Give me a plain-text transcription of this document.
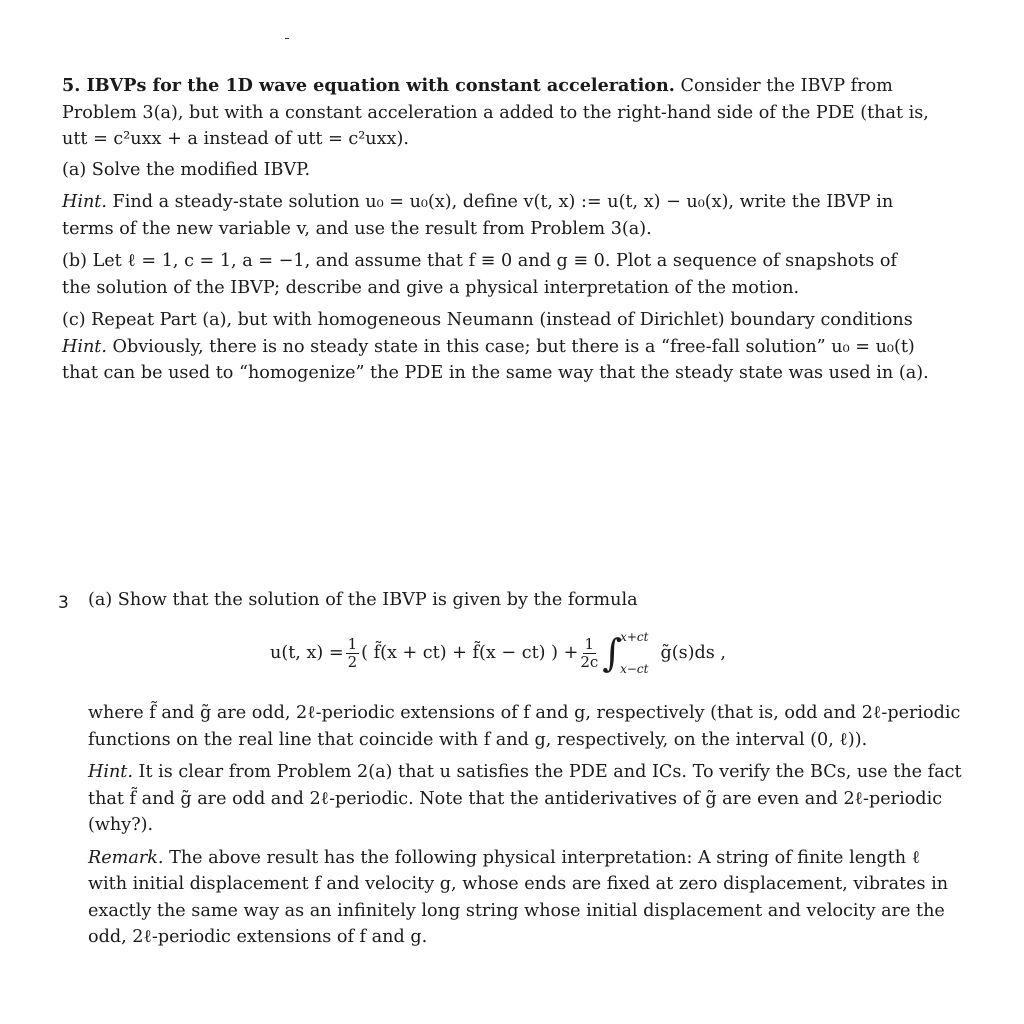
5. IBVPs for the 1D wave equation with constant acceleration. Consider the IBVP from

Problem 3(a), but with a constant acceleration a added to the right-hand side of the PDE (that is,

utt = c²uxx + a instead of utt = c²uxx).

(a) Solve the modified IBVP.

Hint. Find a steady-state solution u₀ = u₀(x), define v(t, x) := u(t, x) − u₀(x), write the IBVP in

terms of the new variable v, and use the result from Problem 3(a).

(b) Let ℓ = 1, c = 1, a = −1, and assume that f ≡ 0 and g ≡ 0. Plot a sequence of snapshots of

the solution of the IBVP; describe and give a physical interpretation of the motion.

(c) Repeat Part (a), but with homogeneous Neumann (instead of Dirichlet) boundary conditions

Hint. Obviously, there is no steady state in this case; but there is a “free-fall solution” u₀ = u₀(t)

that can be used to “homogenize” the PDE in the same way that the steady state was used in (a).

3 (a) Show that the solution of the IBVP is given by the formula

u(t, $x) = \frac{1}{2}$ ( f̃(x + ct) + f̃(x − ct) ) + $\frac{1}{2c}$ ∫
x+ct
x−ct
g̃(s)ds ,

where f̃ and g̃ are odd, 2ℓ-periodic extensions of f and g, respectively (that is, odd and 2ℓ-periodic

functions on the real line that coincide with f and g, respectively, on the interval (0, ℓ)).

Hint. It is clear from Problem 2(a) that u satisfies the PDE and ICs. To verify the BCs, use the fact

that f̃ and g̃ are odd and 2ℓ-periodic. Note that the antiderivatives of g̃ are even and 2ℓ-periodic

(why?).

Remark. The above result has the following physical interpretation: A string of finite length ℓ

with initial displacement f and velocity g, whose ends are fixed at zero displacement, vibrates in

exactly the same way as an infinitely long string whose initial displacement and velocity are the

odd, 2ℓ-periodic extensions of f and g.
